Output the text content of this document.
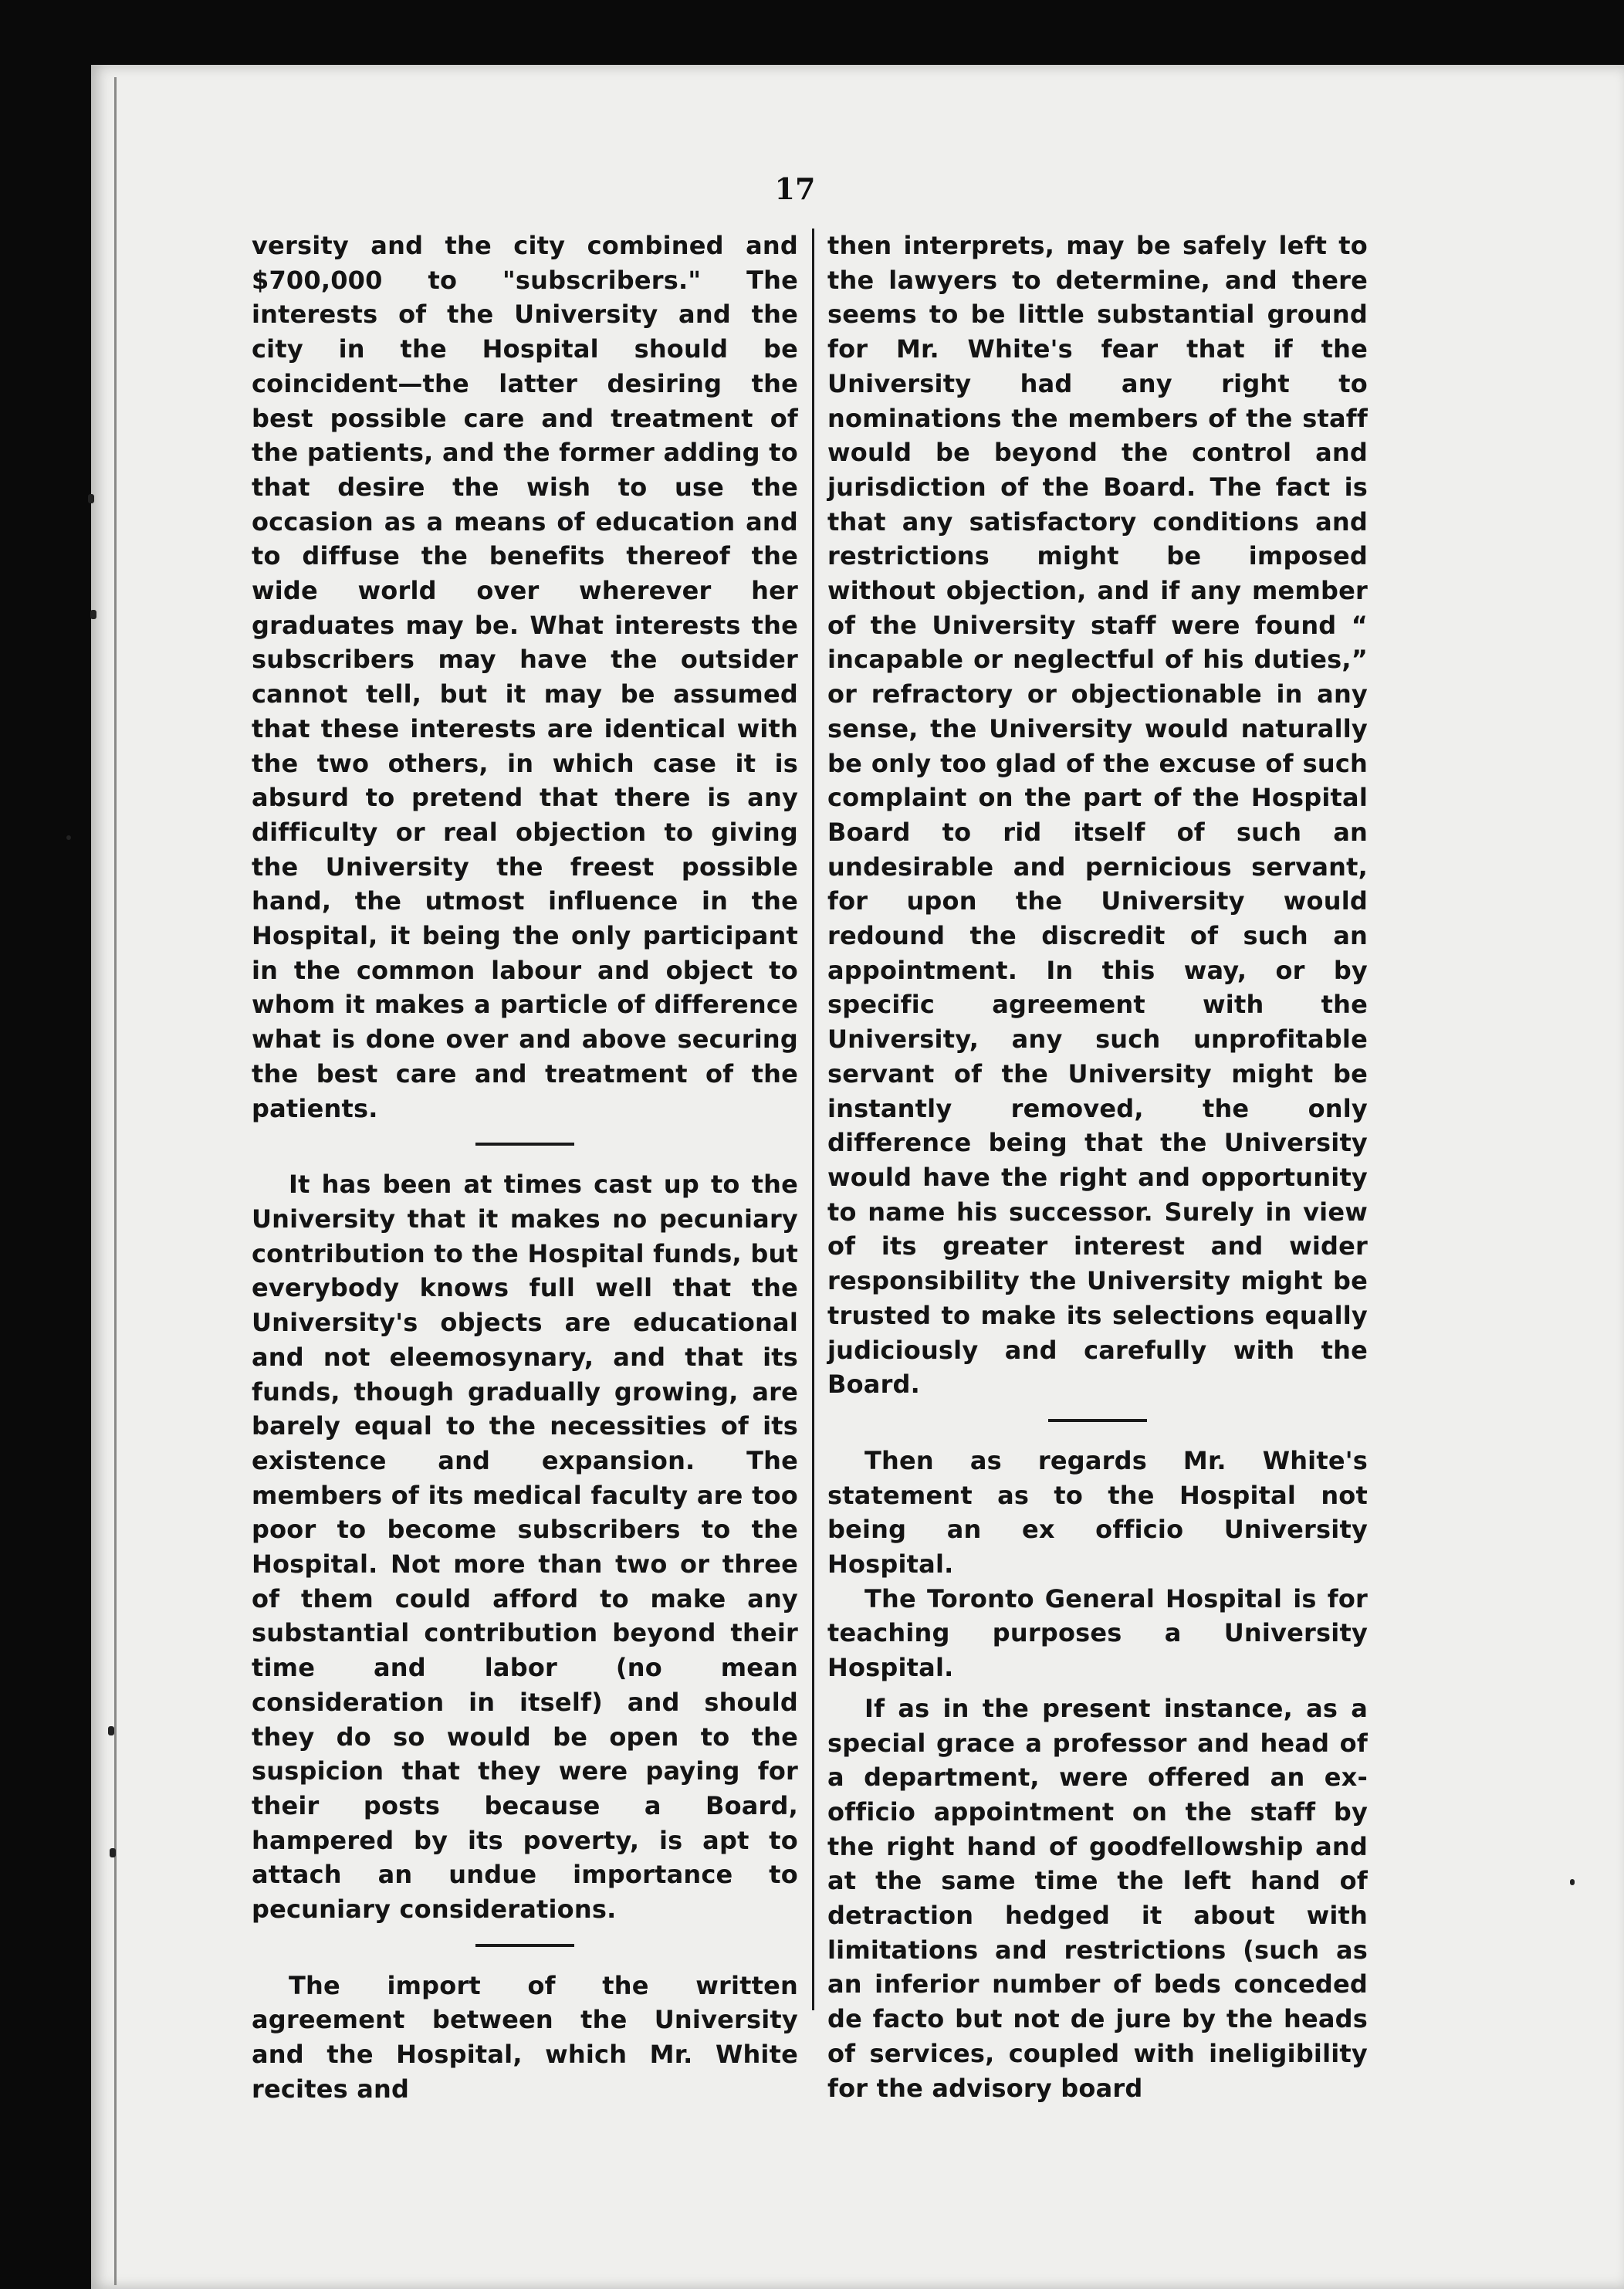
17

versity and the city combined and $700,000 to "subscribers." The interests of the University and the city in the Hospital should be coincident—the latter desiring the best possible care and treatment of the patients, and the former adding to that desire the wish to use the occasion as a means of education and to diffuse the benefits thereof the wide world over wherever her graduates may be. What interests the subscribers may have the outsider cannot tell, but it may be assumed that these interests are identical with the two others, in which case it is absurd to pretend that there is any difficulty or real objection to giving the University the freest possible hand, the utmost influence in the Hospital, it being the only participant in the common labour and object to whom it makes a particle of difference what is done over and above securing the best care and treatment of the patients.

It has been at times cast up to the University that it makes no pecuniary contribution to the Hospital funds, but everybody knows full well that the University's objects are educational and not eleemosynary, and that its funds, though gradually growing, are barely equal to the necessities of its existence and expansion. The members of its medical faculty are too poor to become subscribers to the Hospital. Not more than two or three of them could afford to make any substantial contribution beyond their time and labor (no mean consideration in itself) and should they do so would be open to the suspicion that they were paying for their posts because a Board, hampered by its poverty, is apt to attach an undue importance to pecuniary considerations.

The import of the written agreement between the University and the Hospital, which Mr. White recites and

then interprets, may be safely left to the lawyers to determine, and there seems to be little substantial ground for Mr. White's fear that if the University had any right to nominations the members of the staff would be beyond the control and jurisdiction of the Board. The fact is that any satisfactory conditions and restrictions might be imposed without objection, and if any member of the University staff were found “ incapable or neglectful of his duties,” or refractory or objectionable in any sense, the University would naturally be only too glad of the excuse of such complaint on the part of the Hospital Board to rid itself of such an undesirable and pernicious servant, for upon the University would redound the discredit of such an appointment. In this way, or by specific agreement with the University, any such unprofitable servant of the University might be instantly removed, the only difference being that the University would have the right and opportunity to name his successor. Surely in view of its greater interest and wider responsibility the University might be trusted to make its selections equally judiciously and carefully with the Board.

Then as regards Mr. White's statement as to the Hospital not being an ex officio University Hospital.

The Toronto General Hospital is for teaching purposes a University Hospital.

If as in the present instance, as a special grace a professor and head of a department, were offered an ex-officio appointment on the staff by the right hand of goodfellowship and at the same time the left hand of detraction hedged it about with limitations and restrictions (such as an inferior number of beds conceded de facto but not de jure by the heads of services, coupled with ineligibility for the advisory board
